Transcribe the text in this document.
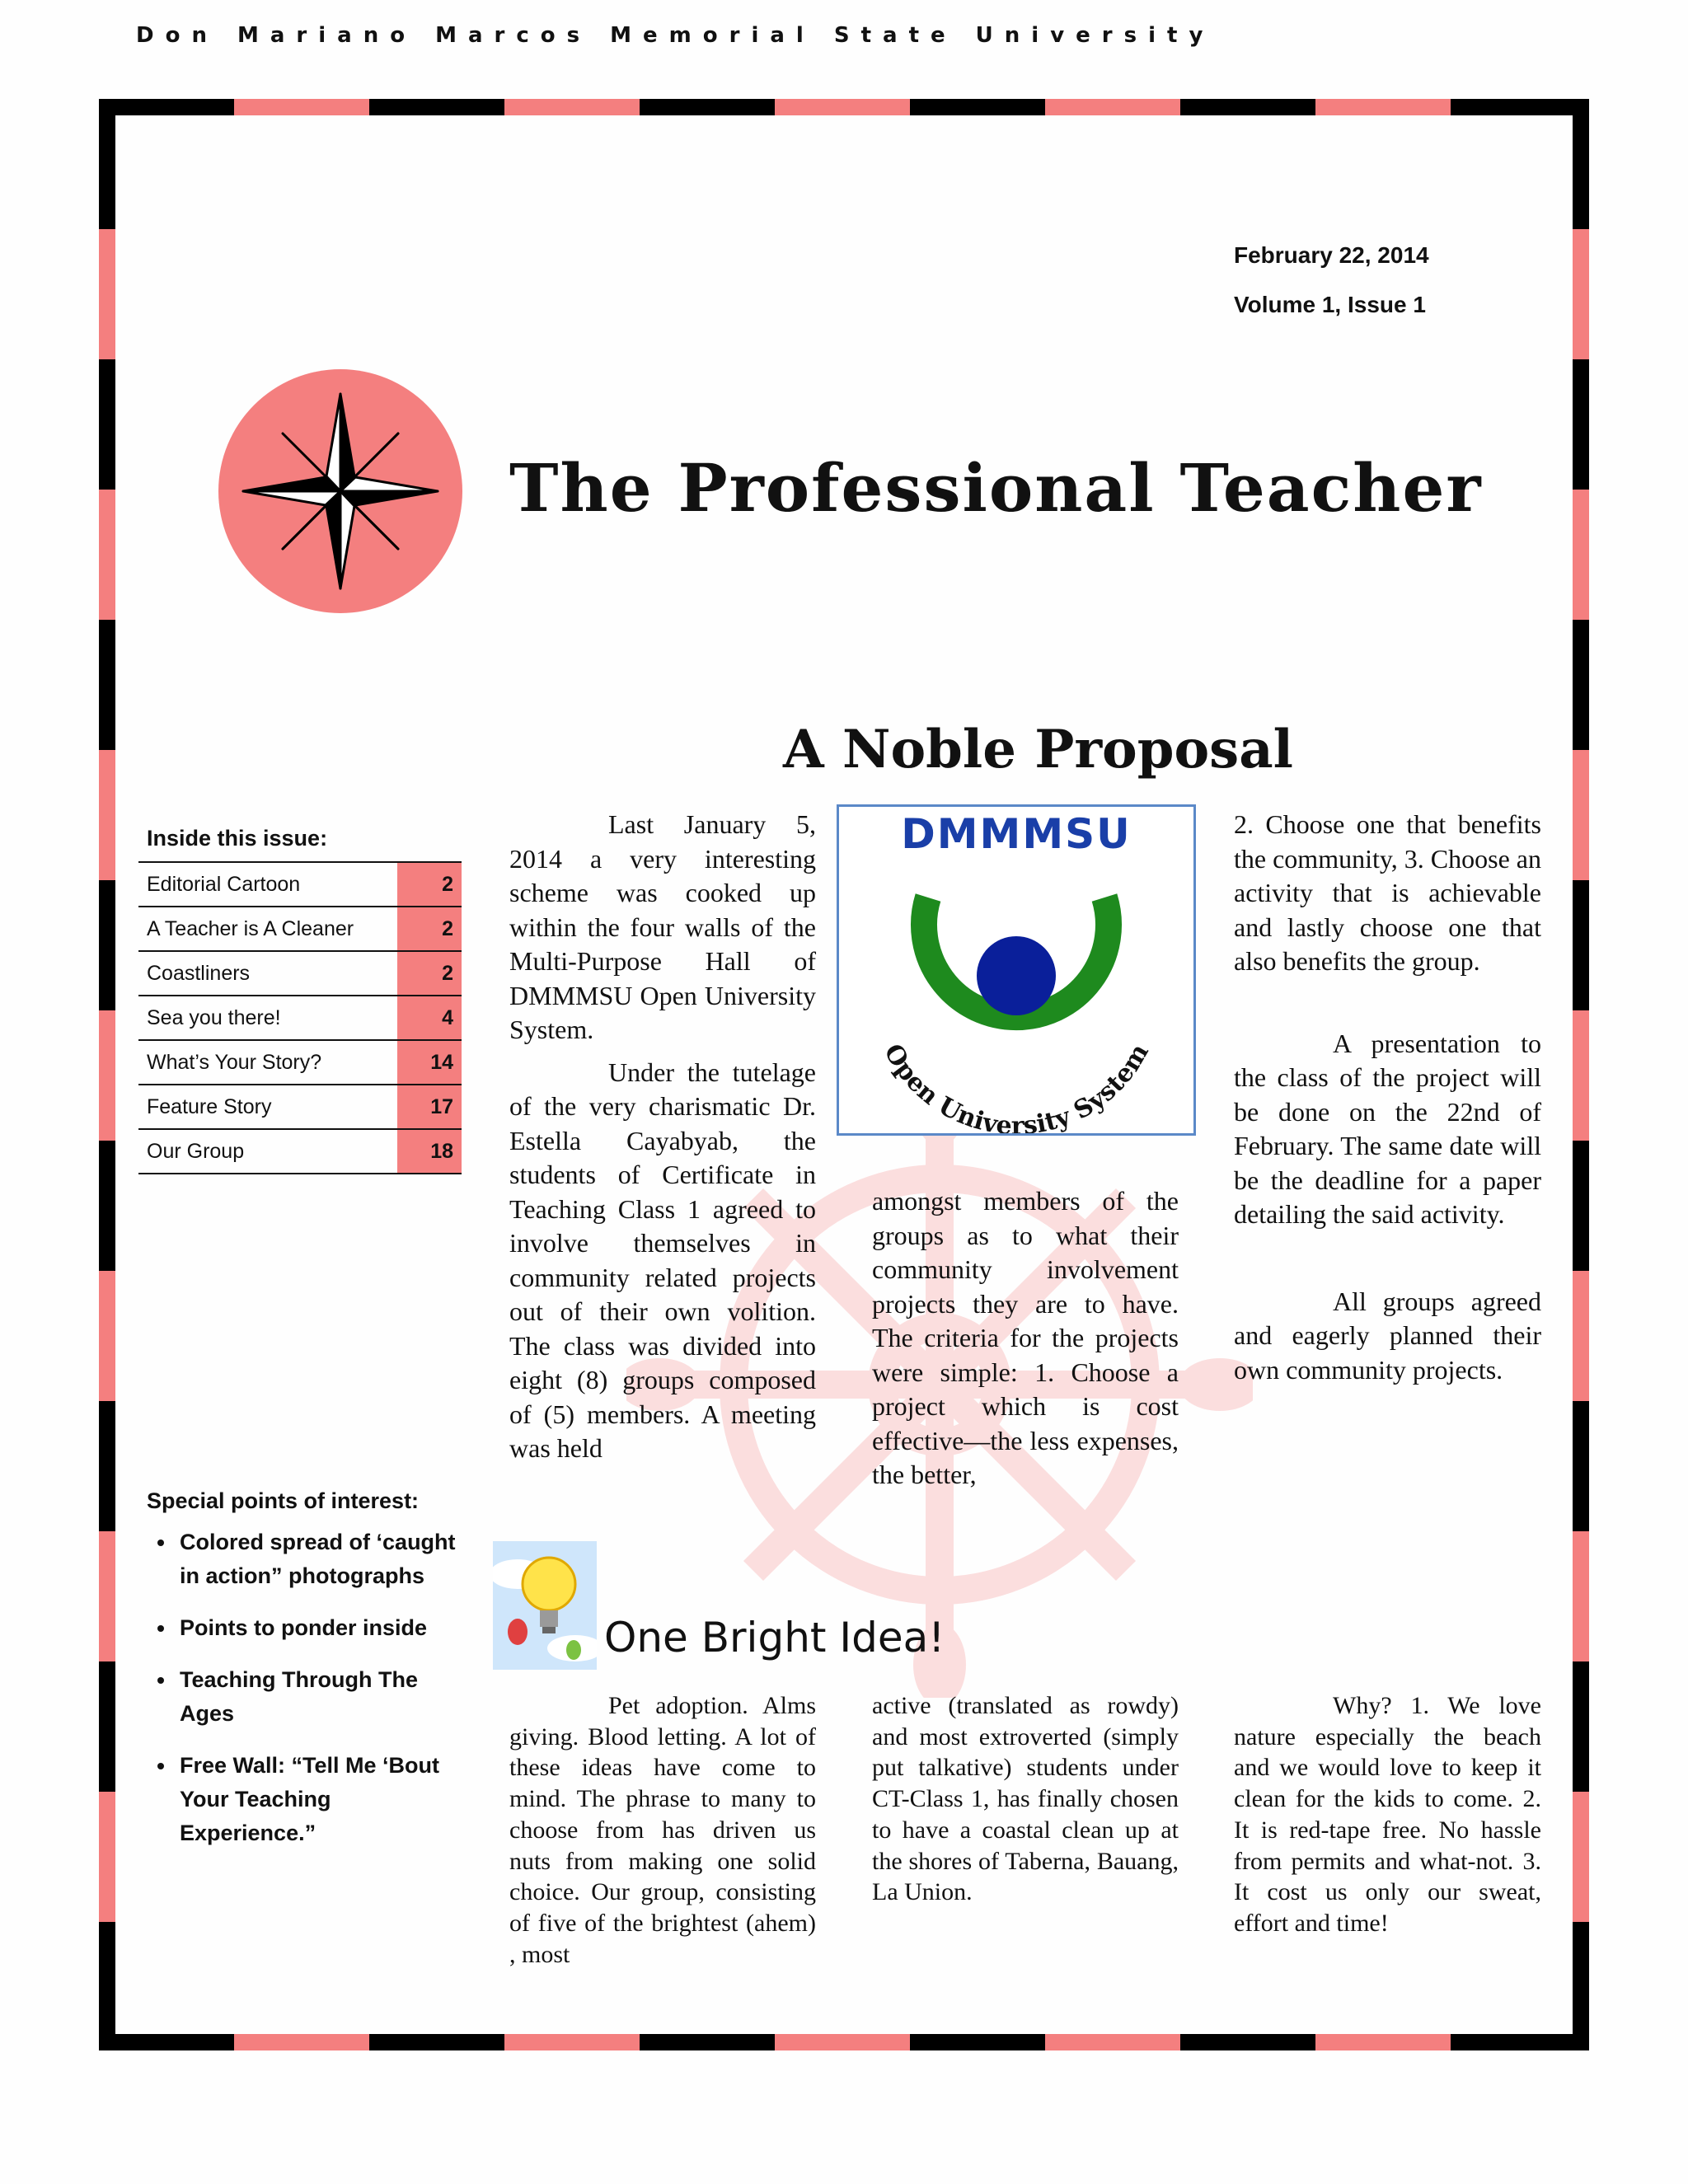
Don Mariano Marcos Memorial State University
February 22, 2014
Volume 1, Issue 1
The Professional Teacher
A Noble Proposal
Inside this issue:
Editorial Cartoon	2
A Teacher is A Cleaner	2
Coastliners	2
Sea you there!	4
What’s Your Story?	14
Feature Story	17
Our Group	18
Special points of interest:
• Colored spread of ‘caught in action” photographs
• Points to ponder inside
• Teaching Through The Ages
• Free Wall: “Tell Me ‘Bout Your Teaching Experience.”

Last January 5, 2014 a very interesting scheme was cooked up within the four walls of the Multi-Purpose Hall of DMMMSU Open University System.

Under the tutelage of the very charismatic Dr. Estella Cayabyab, the students of Certificate in Teaching Class 1 agreed to involve themselves in community related projects out of their own volition. The class was divided into eight (8) groups composed of (5) members. A meeting was held

DMMMSU
Open University System

amongst members of the groups as to what their community involvement projects they are to have. The criteria for the projects were simple: 1. Choose a project which is cost effective—the less expenses, the better,

2. Choose one that benefits the community, 3. Choose an activity that is achievable and lastly choose one that also benefits the group.

A presentation to the class of the project will be done on the 22nd of February. The same date will be the deadline for a paper detailing the said activity.

All groups agreed and eagerly planned their own community projects.

One Bright Idea!

Pet adoption. Alms giving. Blood letting. A lot of these ideas have come to mind. The phrase to many to choose from has driven us nuts from making one solid choice. Our group, consisting of five of the brightest (ahem) , most

active (translated as rowdy) and most extroverted (simply put talkative) students under CT-Class 1, has finally chosen to have a coastal clean up at the shores of Taberna, Bauang, La Union.

Why? 1. We love nature especially the beach and we would love to keep it clean for the kids to come. 2. It is red-tape free. No hassle from permits and what-not. 3. It cost us only our sweat, effort and time!
